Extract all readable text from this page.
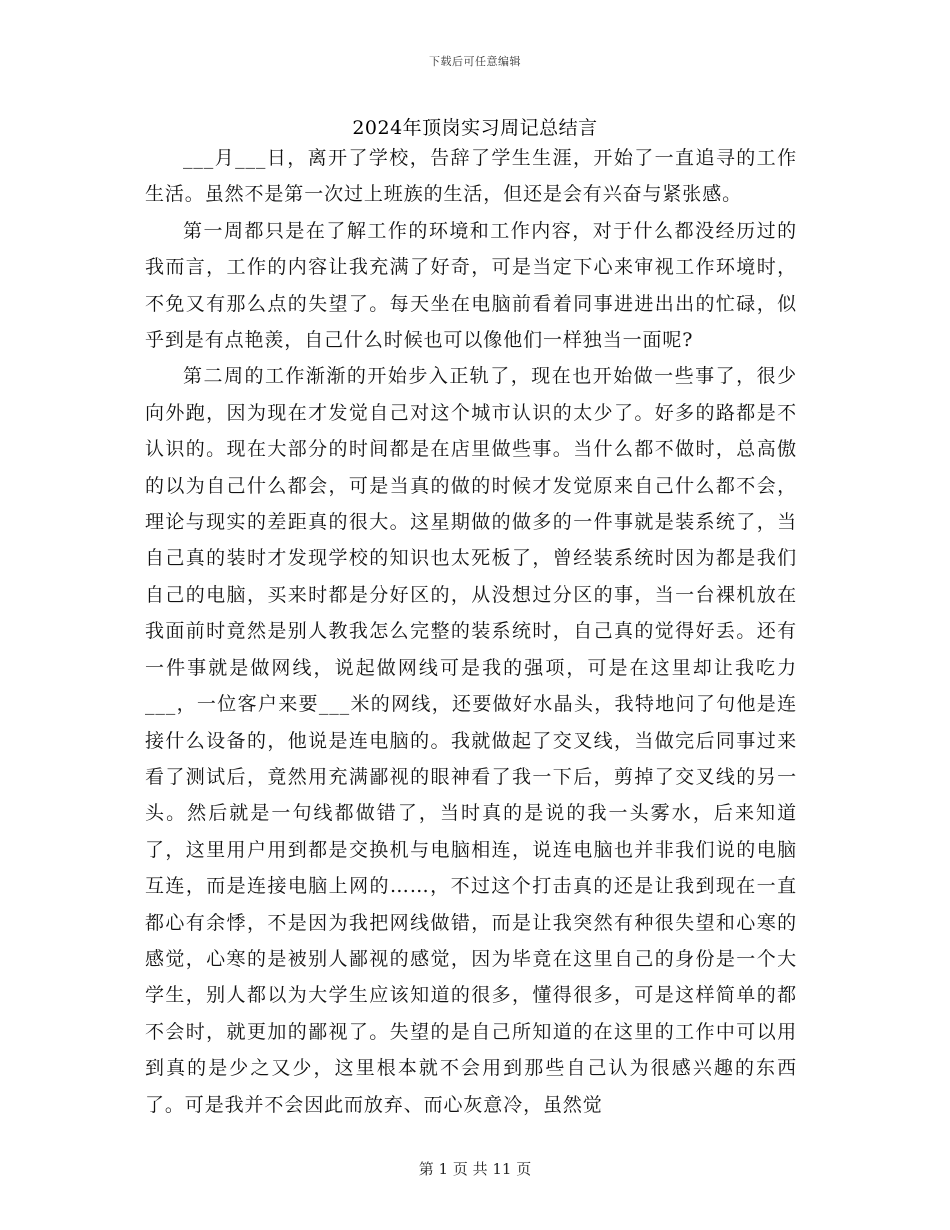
下载后可任意编辑
2024年顶岗实习周记总结言

___月___日，离开了学校，告辞了学生生涯，开始了一直追寻的工作生活。虽然不是第一次过上班族的生活，但还是会有兴奋与紧张感。

第一周都只是在了解工作的环境和工作内容，对于什么都没经历过的我而言，工作的内容让我充满了好奇，可是当定下心来审视工作环境时，不免又有那么点的失望了。每天坐在电脑前看着同事进进出出的忙碌，似乎到是有点艳羡，自己什么时候也可以像他们一样独当一面呢?

第二周的工作渐渐的开始步入正轨了，现在也开始做一些事了，很少向外跑，因为现在才发觉自己对这个城市认识的太少了。好多的路都是不认识的。现在大部分的时间都是在店里做些事。当什么都不做时，总高傲的以为自己什么都会，可是当真的做的时候才发觉原来自己什么都不会，理论与现实的差距真的很大。这星期做的做多的一件事就是装系统了，当自己真的装时才发现学校的知识也太死板了，曾经装系统时因为都是我们自己的电脑，买来时都是分好区的，从没想过分区的事，当一台裸机放在我面前时竟然是别人教我怎么完整的装系统时，自己真的觉得好丢。还有一件事就是做网线，说起做网线可是我的强项，可是在这里却让我吃力___，一位客户来要___米的网线，还要做好水晶头，我特地问了句他是连接什么设备的，他说是连电脑的。我就做起了交叉线，当做完后同事过来看了测试后，竟然用充满鄙视的眼神看了我一下后，剪掉了交叉线的另一头。然后就是一句线都做错了，当时真的是说的我一头雾水，后来知道了，这里用户用到都是交换机与电脑相连，说连电脑也并非我们说的电脑互连，而是连接电脑上网的……，不过这个打击真的还是让我到现在一直都心有余悸，不是因为我把网线做错，而是让我突然有种很失望和心寒的感觉，心寒的是被别人鄙视的感觉，因为毕竟在这里自己的身份是一个大学生，别人都以为大学生应该知道的很多，懂得很多，可是这样简单的都不会时，就更加的鄙视了。失望的是自己所知道的在这里的工作中可以用到真的是少之又少，这里根本就不会用到那些自己认为很感兴趣的东西了。可是我并不会因此而放弃、而心灰意冷，虽然觉

第 1 页 共 11 页
